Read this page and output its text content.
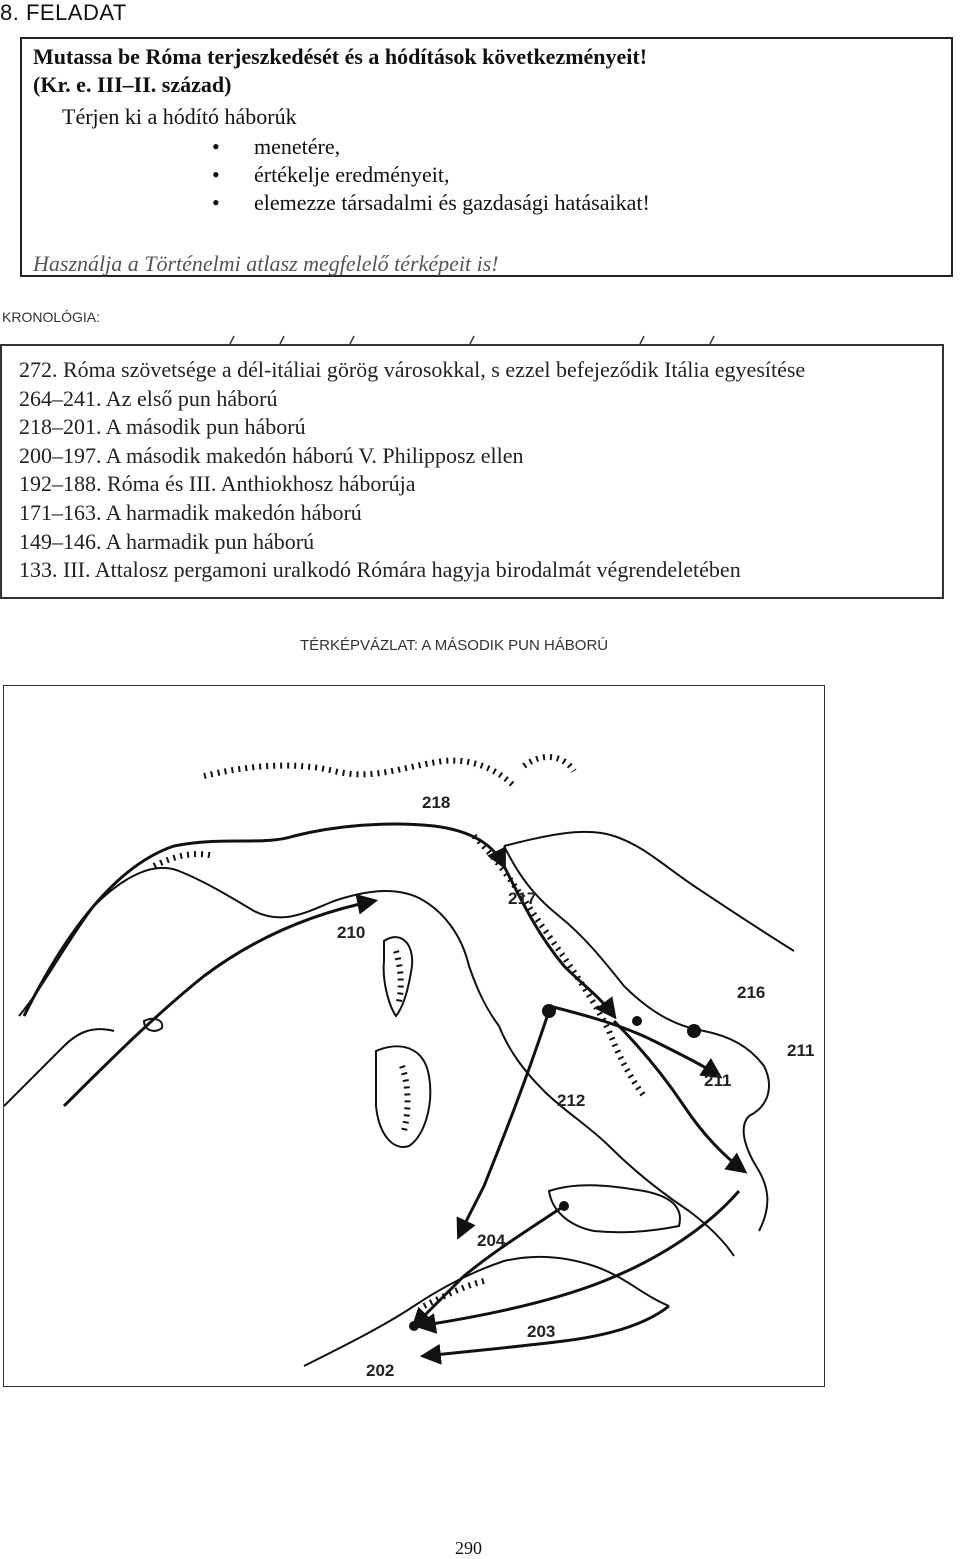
8. FELADAT
Mutassa be Róma terjeszkedését és a hódítások következményeit!
(Kr. e. III–II. század)
Térjen ki a hódító háborúk
• menetére,
• értékelje eredményeit,
• elemezze társadalmi és gazdasági hatásaikat!
Használja a Történelmi atlasz megfelelő térképeit is!
KRONOLÓGIA:
272. Róma szövetsége a dél-itáliai görög városokkal, s ezzel befejeződik Itália egyesítése
264–241. Az első pun háború
218–201. A második pun háború
200–197. A második makedón háború V. Philipposz ellen
192–188. Róma és III. Anthiokhosz háborúja
171–163. A harmadik makedón háború
149–146. A harmadik pun háború
133. III. Attalosz pergamoni uralkodó Rómára hagyja birodalmát végrendeletében
TÉRKÉPVÁZLAT: A MÁSODIK PUN HÁBORÚ
218
217
210
216
211
211
212
204
203
202
290
